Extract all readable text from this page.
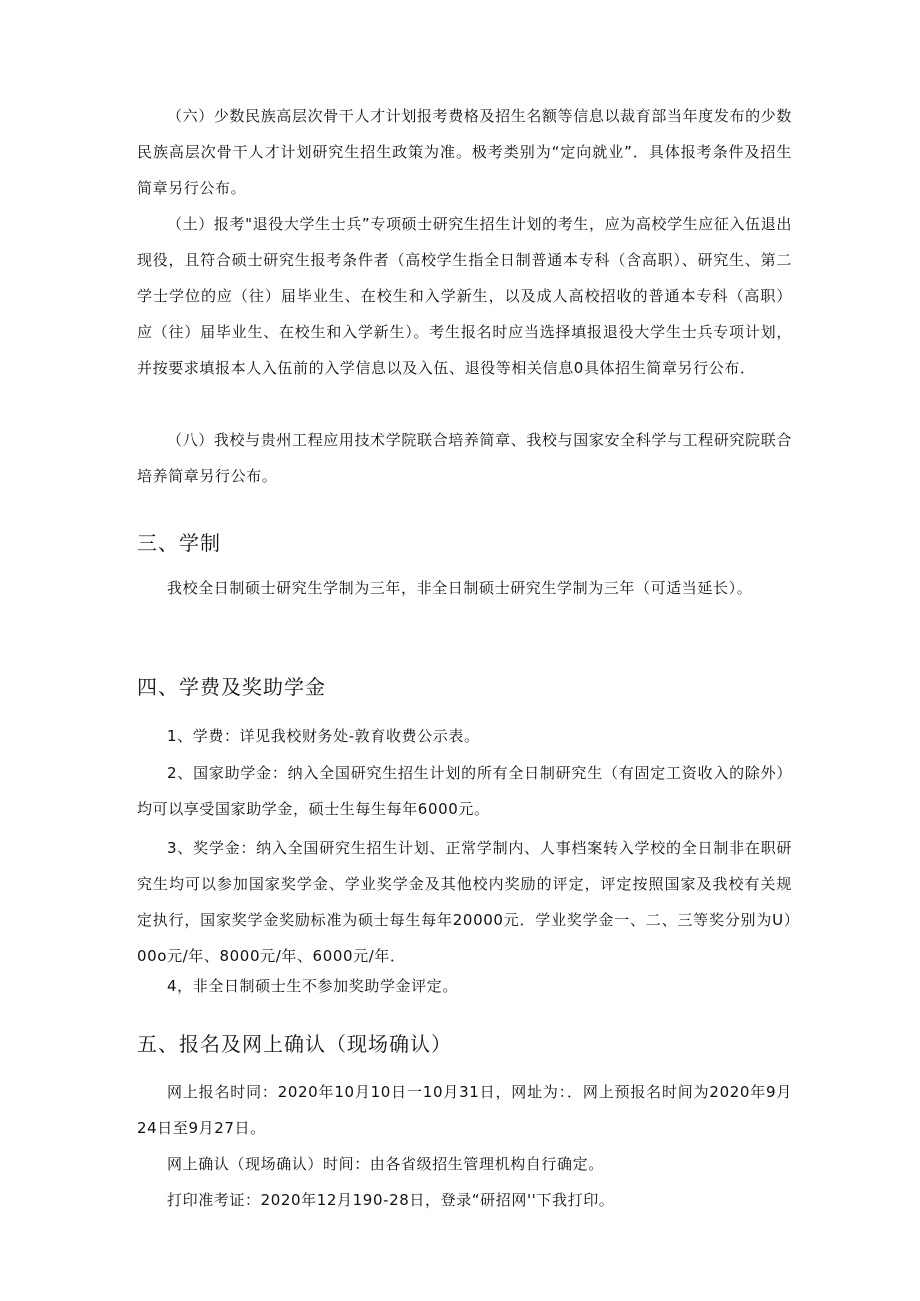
（六）少数民族高层次骨干人才计划报考费格及招生名额等信息以裁育部当年度发布的少数民族高层次骨干人才计划研究生招生政策为准。极考类别为“定向就业”．具体报考条件及招生简章另行公布。

（土）报考"退役大学生士兵”专项硕士研究生招生计划的考生，应为高校学生应征入伍退出现役，且符合硕士研究生报考条件者（高校学生指全日制普通本专科（含高职）、研究生、第二学士学位的应（往）届毕业生、在校生和入学新生，以及成人高校招收的普通本专科（高职）应（往）届毕业生、在校生和入学新生）。考生报名时应当选择填报退役大学生士兵专项计划，并按要求填报本人入伍前的入学信息以及入伍、退役等相关信息0具体招生简章另行公布．

（八）我校与贵州工程应用技术学院联合培养简章、我校与国家安全科学与工程研究院联合培养简章另行公布。

三、学制

我校全日制硕士研究生学制为三年，非全日制硕士研究生学制为三年（可适当延长）。

四、学费及奖助学金

1、学费：详见我校财务处-敦育收费公示表。

2、国家助学金：纳入全国研究生招生计划的所有全日制研究生（有固定工资收入的除外）均可以享受国家助学金，硕士生每生每年6000元。

3、奖学金：纳入全国研究生招生计划、正常学制内、人事档案转入学校的全日制非在职研究生均可以参加国家奖学金、学业奖学金及其他校内奖励的评定，评定按照国家及我校有关规定执行，国家奖学金奖励标准为硕士每生每年20000元．学业奖学金一、二、三等奖分别为U）00o元/年、8000元/年、6000元/年．

4，非全日制硕士生不参加奖助学金评定。

五、报名及网上确认（现场确认）

网上报名时同：2020年10月10日一10月31日，网址为：．网上预报名时间为2020年9月24日至9月27日。

网上确认（现场确认）时间：由各省级招生管理机构自行确定。

打印准考证：2020年12月190-28日，登录“研招网''下我打印。
